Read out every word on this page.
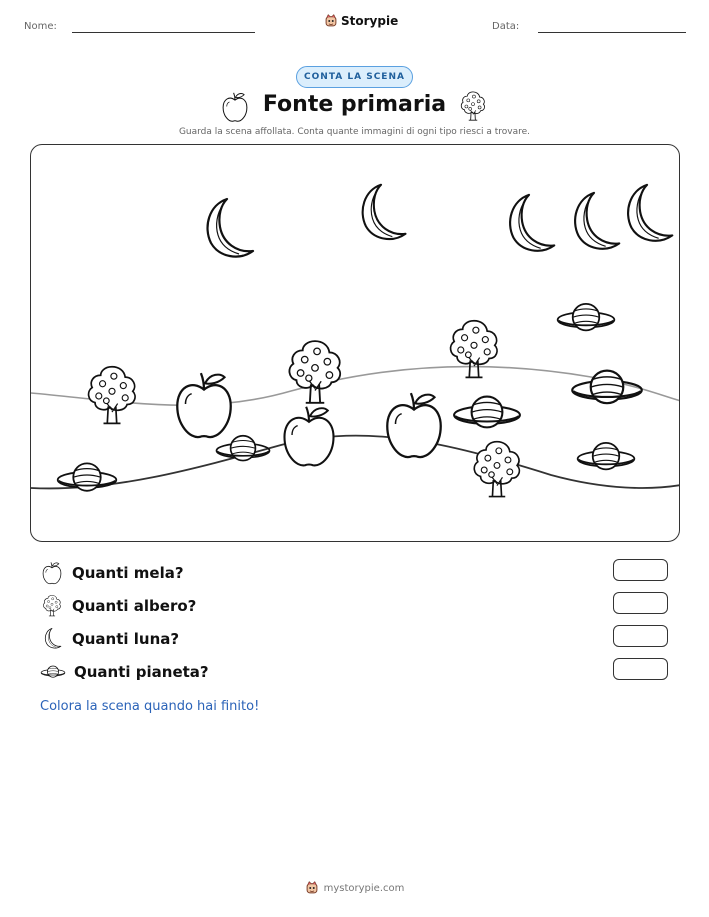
Nome:	Storypie	Data:
CONTA LA SCENA
Fonte primaria
Guarda la scena affollata. Conta quante immagini di ogni tipo riesci a trovare.
Quanti mela?
Quanti albero?
Quanti luna?
Quanti pianeta?
Colora la scena quando hai finito!
mystorypie.com
